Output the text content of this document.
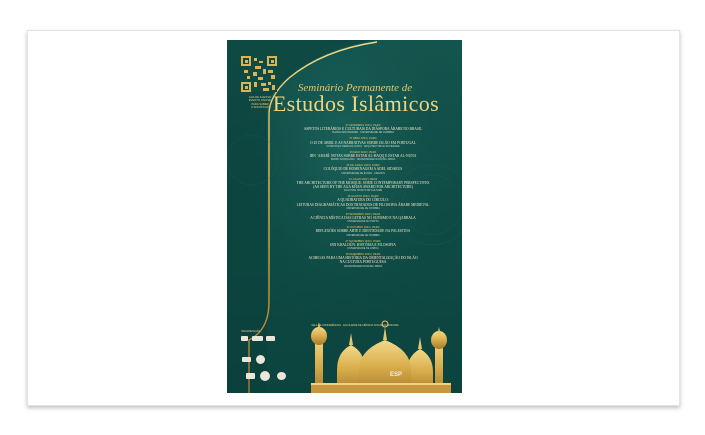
CHA DE ACESSO
EVENTO ONLINE
PARA SABER
A INSCRICAO
Seminário Permanente de
Estudos Islâmicos
27 FEVEREIRO 2023 | 15H00
ASPETOS LITERÁRIOS E CULTURAIS DA DIÁSPORA ÁRABE NO BRASIL
SUZANA MOUSSAWER · UNIVERSIDADE DE COIMBRA
27 ABRIL 2023 | 15H00
O 25 DE ABRIL E AS NARRATIVAS SOBRE ISLÃO EM PORTUGAL
CONSTANÇA VIEIRA DA COSTA · ARQUITECTURA E SOCIEDADE
25 MAIO 2023 | 15H00
IBN ʿARABĪ: NOTAS SOBRE ESTAR AL-HAQQ E ESTAR AL-NUNA
PEDRO GONÇALVES · UNIVERSIDADE NOVA DE LISBOA
29 DE JUNHO 2023 | 15H00
COLÓQUIO DE HOMENAGEM A ADEL SIDARUS
UNIVERSIDADE DE ÉVORA · CIDEHUS
13 JULHO 2023 | 15H00
THE ARCHITECTURE OF THE MOSQUE: SOME CONTEMPORARY PERSPECTIVES
(AS SEEN BY THE AGA KHAN AWARD FOR ARCHITECTURE)
AGA KHAN TRUST FOR CULTURE
28 AGOSTO 2023 | 15H00
A QUADRATURA DO CÍRCULO:
LEITURAS DIAGRAMÁTICAS DOS TRATADOS DE FILOSOFIA ÁRABE MEDIEVAL
UNIVERSIDADE DE COIMBRA
25 SETEMBRO 2023 | 15H00
A CIÊNCIA MÍSTICA DAS LETRAS NO SUFISMO E NA QABBALA
UNIVERSIDADE DO PORTO
30 OUTUBRO 2023 | 15H00
REFLEXÕES SOBRE ARTE E IDENTIDADE NA PALESTINA
UNIVERSIDADE DE COIMBRA
27 NOVEMBRO 2023 | 15H00
IBN KHALDŪN: HISTÓRIA E FILOSOFIA
UNIVERSIDADE DE LISBOA
18 DEZEMBRO 2023 | 15H00
ACHEGAS PARA UMA HISTÓRIA DA ORIENTALIZAÇÃO DO ISLÃO
NA CULTURA PORTUGUESA
UNIVERSIDADE NOVA DE LISBOA
SALA DE CONFERÊNCIAS · FACULDADE DE CIÊNCIAS SOCIAIS E HUMANAS
ORGANIZAÇÃO
ESP
